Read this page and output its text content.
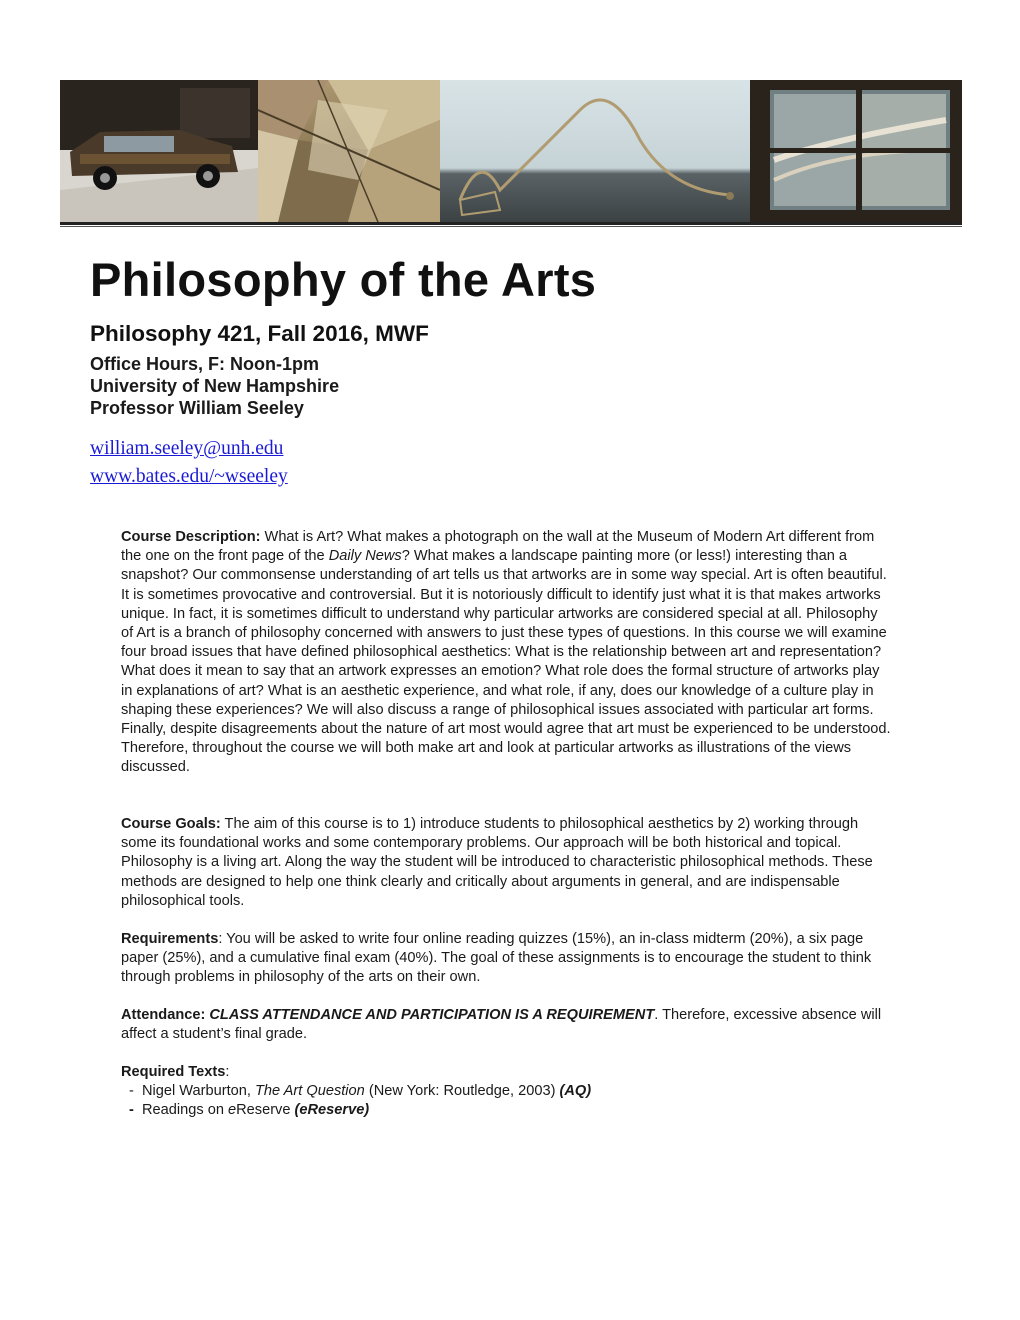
Philosophy of the Arts
Philosophy 421, Fall 2016, MWF
Office Hours, F: Noon-1pm
University of New Hampshire
Professor William Seeley
william.seeley@unh.edu
www.bates.edu/~wseeley

Course Description: What is Art? What makes a photograph on the wall at the Museum of Modern Art different from the one on the front page of the Daily News? What makes a landscape painting more (or less!) interesting than a snapshot? Our commonsense understanding of art tells us that artworks are in some way special. Art is often beautiful. It is sometimes provocative and controversial. But it is notoriously difficult to identify just what it is that makes artworks unique. In fact, it is sometimes difficult to understand why particular artworks are considered special at all. Philosophy of Art is a branch of philosophy concerned with answers to just these types of questions. In this course we will examine four broad issues that have defined philosophical aesthetics: What is the relationship between art and representation? What does it mean to say that an artwork expresses an emotion? What role does the formal structure of artworks play in explanations of art? What is an aesthetic experience, and what role, if any, does our knowledge of a culture play in shaping these experiences? We will also discuss a range of philosophical issues associated with particular art forms. Finally, despite disagreements about the nature of art most would agree that art must be experienced to be understood. Therefore, throughout the course we will both make art and look at particular artworks as illustrations of the views discussed.

Course Goals: The aim of this course is to 1) introduce students to philosophical aesthetics by 2) working through some its foundational works and some contemporary problems. Our approach will be both historical and topical. Philosophy is a living art. Along the way the student will be introduced to characteristic philosophical methods. These methods are designed to help one think clearly and critically about arguments in general, and are indispensable philosophical tools.

Requirements: You will be asked to write four online reading quizzes (15%), an in-class midterm (20%), a six page paper (25%), and a cumulative final exam (40%). The goal of these assignments is to encourage the student to think through problems in philosophy of the arts on their own.

Attendance: CLASS ATTENDANCE AND PARTICIPATION IS A REQUIREMENT. Therefore, excessive absence will affect a student’s final grade.

Required Texts:

- Nigel Warburton, The Art Question (New York: Routledge, 2003) (AQ)
- Readings on eReserve (eReserve)
